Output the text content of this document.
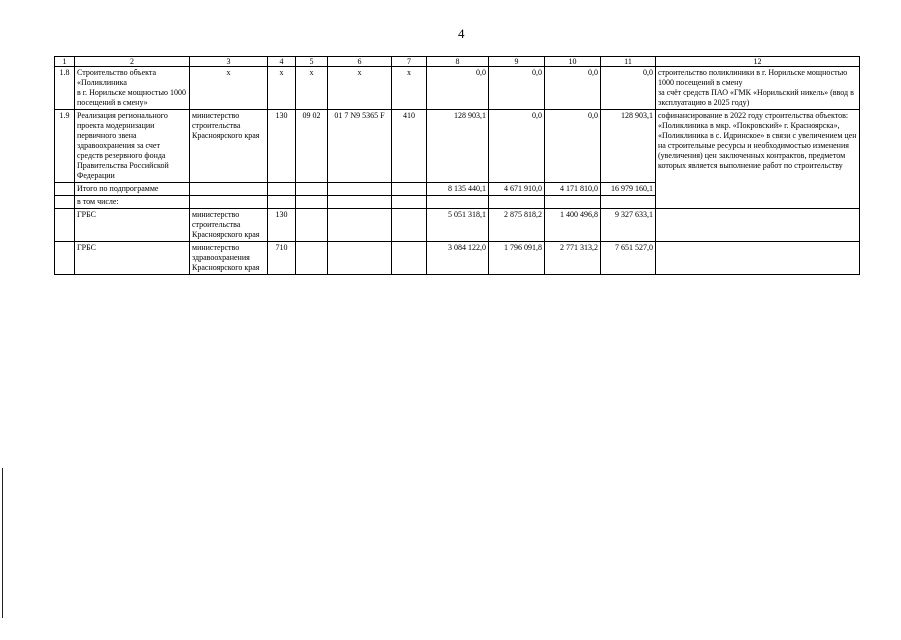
4
1	2	3	4	5	6	7	8	9	10	11	12
1.8	Строительство объекта «Поликлиника
в г. Норильске мощностью 1000 посещений в смену»	х	х	х	х	х	0,0	0,0	0,0	0,0	строительство поликлиники в г. Норильске мощностью 1000 посещений в смену
за счёт средств ПАО «ГМК «Норильский никель» (ввод в эксплуатацию в 2025 году)
1.9	Реализация регионального проекта модернизации первичного звена здравоохранения за счет средств резервного фонда Правительства Российской Федерации	министерство строительства Красноярского края	130	09 02	01 7 N9 5365 F	410	128 903,1	0,0	0,0	128 903,1	софинансирование в 2022 году строительства объектов: «Поликлиника в мкр. «Покровский» г. Красноярска», «Поликлиника в с. Идринское» в связи с увеличением цен на строительные ресурсы и необходимостью изменения (увеличения) цен заключенных контрактов, предметом которых является выполнение работ по строительству
	Итого по подпрограмме						8 135 440,1	4 671 910,0	4 171 810,0	16 979 160,1	
	в том числе:										
	ГРБС	министерство строительства Красноярского края	130				5 051 318,1	2 875 818,2	1 400 496,8	9 327 633,1	
	ГРБС	министерство здравоохранения Красноярского края	710				3 084 122,0	1 796 091,8	2 771 313,2	7 651 527,0	
